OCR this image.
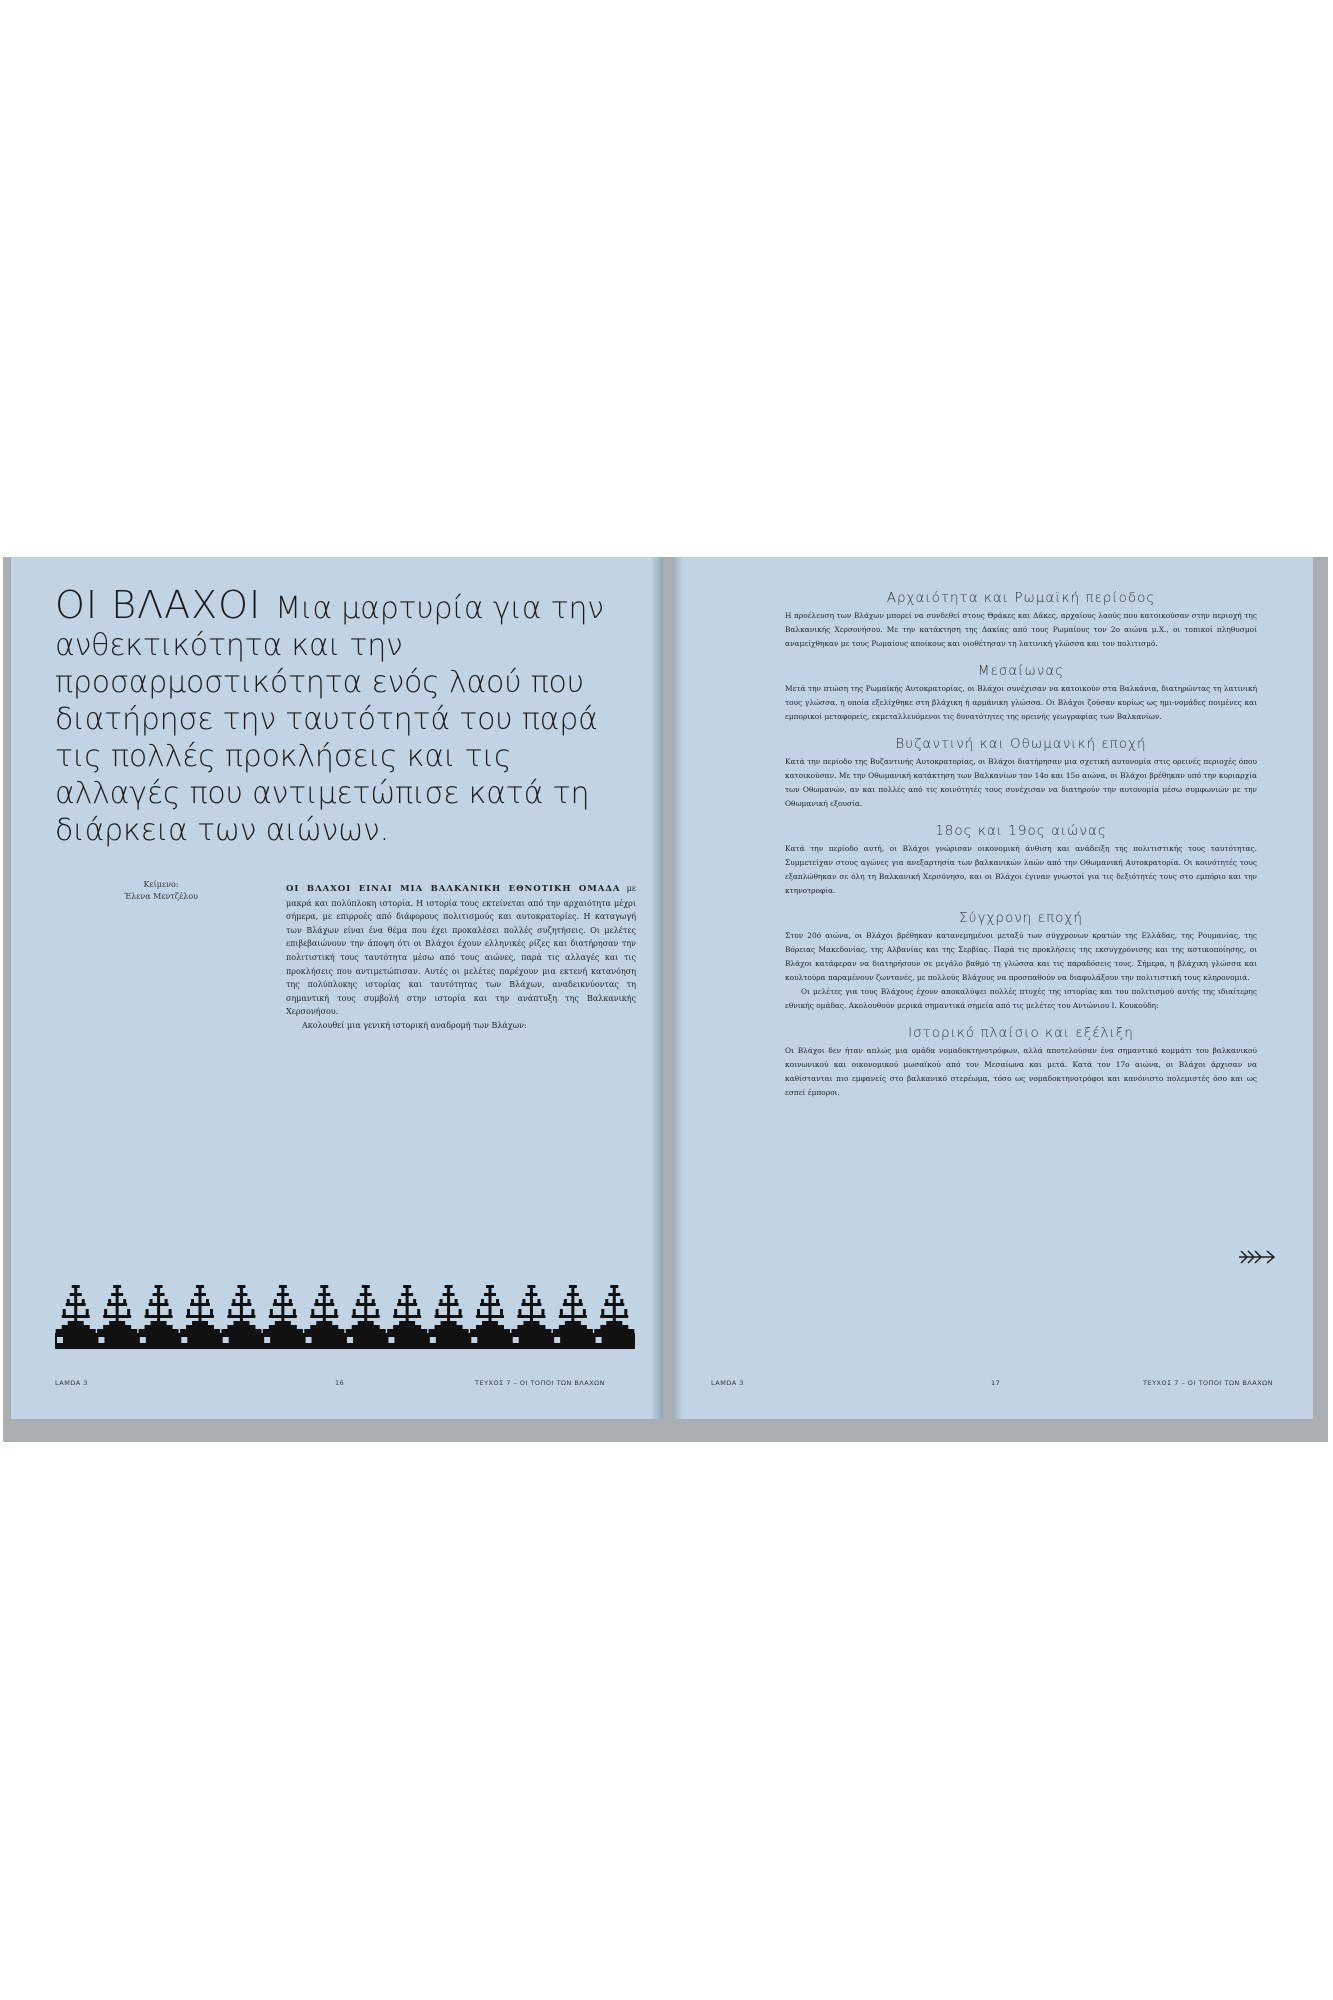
ΟΙ ΒΛΑΧΟΙ Μια μαρτυρία για την ανθεκτικότητα και την προσαρμοστικότητα ενός λαού που διατήρησε την ταυτότητά του παρά τις πολλές προκλήσεις και τις αλλαγές που αντιμετώπισε κατά τη διάρκεια των αιώνων.
Κείμενο:
Έλενα Μεντζέλου

ΟΙ ΒΛΑΧΟΙ ΕΙΝΑΙ ΜΙΑ ΒΑΛΚΑΝΙΚΗ ΕΘΝΟΤΙΚΗ ΟΜΑΔΑ με μακρά και πολύπλοκη ιστορία. Η ιστορία τους εκτείνεται από την αρχαιότητα μέχρι σήμερα, με επιρροές από διάφορους πολιτισμούς και αυτοκρατορίες. Η καταγωγή των Βλάχων είναι ένα θέμα που έχει προκαλέσει πολλές συζητήσεις. Οι μελέτες επιβεβαιώνουν την άποψη ότι οι Βλάχοι έχουν ελληνικές ρίζες και διατήρησαν την πολιτιστική τους ταυτότητα μέσω από τους αιώνες, παρά τις αλλαγές και τις προκλήσεις που αντιμετώπισαν. Αυτές οι μελέτες παρέχουν μια εκτενή κατανόηση της πολύπλοκης ιστορίας και ταυτότητας των Βλάχων, αναδεικνύοντας τη σημαντική τους συμβολή στην ιστορία και την ανάπτυξη της Βαλκανικής Χερσονήσου.

Ακολουθεί μια γενική ιστορική αναδρομή των Βλάχων:

LAMDA 3	16	ΤΕΥΧΟΣ 7 – ΟΙ ΤΟΠΟΙ ΤΩΝ ΒΛΑΧΩΝ
Αρχαιότητα και Ρωμαϊκή περίοδος

Η προέλευση των Βλάχων μπορεί να συνδεθεί στους Θράκες και Δάκες, αρχαίους λαούς που κατοικούσαν στην περιοχή της Βαλκανικής Χερσονήσου. Με την κατάκτηση της Δακίας από τους Ρωμαίους τον 2ο αιώνα μ.Χ., οι τοπικοί πληθυσμοί αναμείχθηκαν με τους Ρωμαίους αποίκους και υιοθέτησαν τη λατινική γλώσσα και τον πολιτισμό.

Μεσαίωνας

Μετά την πτώση της Ρωμαϊκής Αυτοκρατορίας, οι Βλάχοι συνέχισαν να κατοικούν στα Βαλκάνια, διατηρώντας τη λατινική τους γλώσσα, η οποία εξελίχθηκε στη βλάχικη ή αρμάνικη γλώσσα. Οι Βλάχοι ζούσαν κυρίως ως ημι-νομάδες ποιμένες και εμπορικοί μεταφορείς, εκμεταλλευόμενοι τις δυνατότητες της ορεινής γεωγραφίας των Βαλκανίων.

Βυζαντινή και Οθωμανική εποχή

Κατά την περίοδο της Βυζαντινής Αυτοκρατορίας, οι Βλάχοι διατήρησαν μια σχετική αυτονομία στις ορεινές περιοχές όπου κατοικούσαν. Με την Οθωμανική κατάκτηση των Βαλκανίων τον 14ο και 15ο αιώνα, οι Βλάχοι βρέθηκαν υπό την κυριαρχία των Οθωμανών, αν και πολλές από τις κοινότητές τους συνέχισαν να διατηρούν την αυτονομία μέσω συμφωνιών με την Οθωμανική εξουσία.

18ος και 19ος αιώνας

Κατά την περίοδο αυτή, οι Βλάχοι γνώρισαν οικονομική άνθιση και ανάδειξη της πολιτιστικής τους ταυτότητας. Συμμετείχαν στους αγώνες για ανεξαρτησία των βαλκανικών λαών από την Οθωμανική Αυτοκρατορία. Οι κοινότητές τους εξαπλώθηκαν σε όλη τη Βαλκανική Χερσόνησο, και οι Βλάχοι έγιναν γνωστοί για τις δεξιότητές τους στο εμπόριο και την κτηνοτροφία.

Σύγχρονη εποχή

Στον 20ό αιώνα, οι Βλάχοι βρέθηκαν κατανεμημένοι μεταξύ των σύγχρονων κρατών της Ελλάδας, της Ρουμανίας, της Βόρειας Μακεδονίας, της Αλβανίας και της Σερβίας. Παρά τις προκλήσεις της εκσυγχρόνισης και της αστικοποίησης, οι Βλάχοι κατάφεραν να διατηρήσουν σε μεγάλο βαθμό τη γλώσσα και τις παραδόσεις τους. Σήμερα, η βλάχικη γλώσσα και κουλτούρα παραμένουν ζωντανές, με πολλούς Βλάχους να προσπαθούν να διαφυλάξουν την πολιτιστική τους κληρονομιά.

Οι μελέτες για τους Βλάχους έχουν αποκαλύψει πολλές πτυχές της ιστορίας και του πολιτισμού αυτής της ιδιαίτερης εθνικής ομάδας. Ακολουθούν μερικά σημαντικά σημεία από τις μελέτες του Αντώνιου Ι. Κουκούδη:

Ιστορικό πλαίσιο και εξέλιξη

Οι Βλάχοι δεν ήταν απλώς μια ομάδα νομαδοκτηνοτρόφων, αλλά αποτελούσαν ένα σημαντικό κομμάτι του βαλκανικού κοινωνικού και οικονομικού μωσαϊκού από τον Μεσαίωνα και μετά. Κατά τον 17ο αιώνα, οι Βλάχοι άρχισαν να καθίστανται πιο εμφανείς στο βαλκανικό στερέωμα, τόσο ως νομαδοκτηνοτρόφοι και κανόνιστο πολεμιστές όσο και ως εσπεί έμποροι.

LAMDA 3	17	ΤΕΥΧΟΣ 7 – ΟΙ ΤΟΠΟΙ ΤΩΝ ΒΛΑΧΩΝ
